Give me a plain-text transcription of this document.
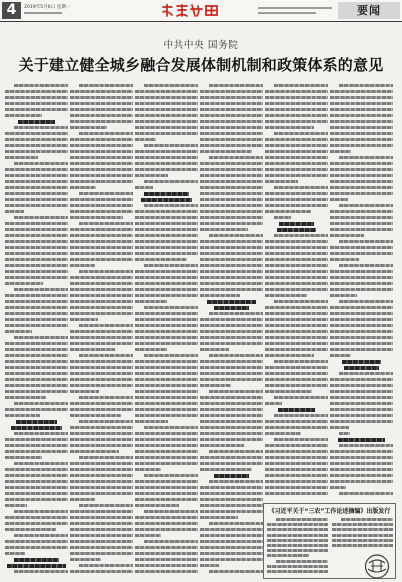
4	2019年5月6日 星期一	要闻
中共中央 国务院
关于建立健全城乡融合发展体制机制和政策体系的意见
《习近平关于“三农”工作论述摘编》出版发行
